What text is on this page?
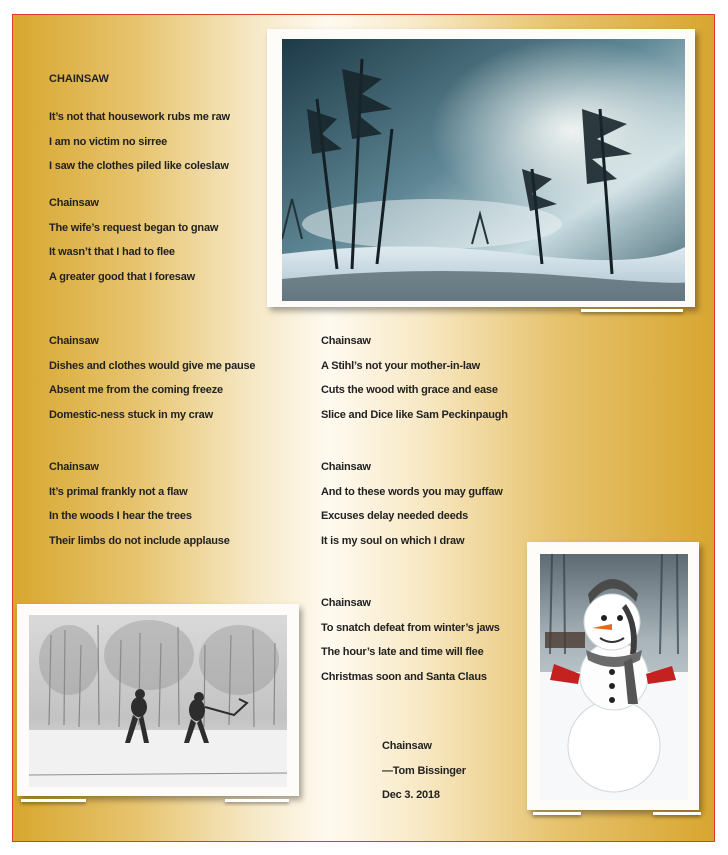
CHAINSAW
It’s not that housework rubs me raw
I am no victim no sirree
I saw the clothes piled like coleslaw
Chainsaw
The wife’s request began to gnaw
It wasn’t that I had to flee
A greater good that I foresaw
Chainsaw
Dishes and clothes would give me pause
Absent me from the coming freeze
Domestic-ness stuck in my craw
Chainsaw
It’s primal frankly not a flaw
In the woods I hear the trees
Their limbs do not include applause
Chainsaw
A Stihl’s not your mother-in-law
Cuts the wood with grace and ease
Slice and Dice like Sam Peckinpaugh
Chainsaw
And to these words you may guffaw
Excuses delay needed deeds
It is my soul on which I draw
Chainsaw
To snatch defeat from winter’s jaws
The hour’s late and time will flee
Christmas soon and Santa Claus
Chainsaw
—Tom Bissinger
Dec 3. 2018
